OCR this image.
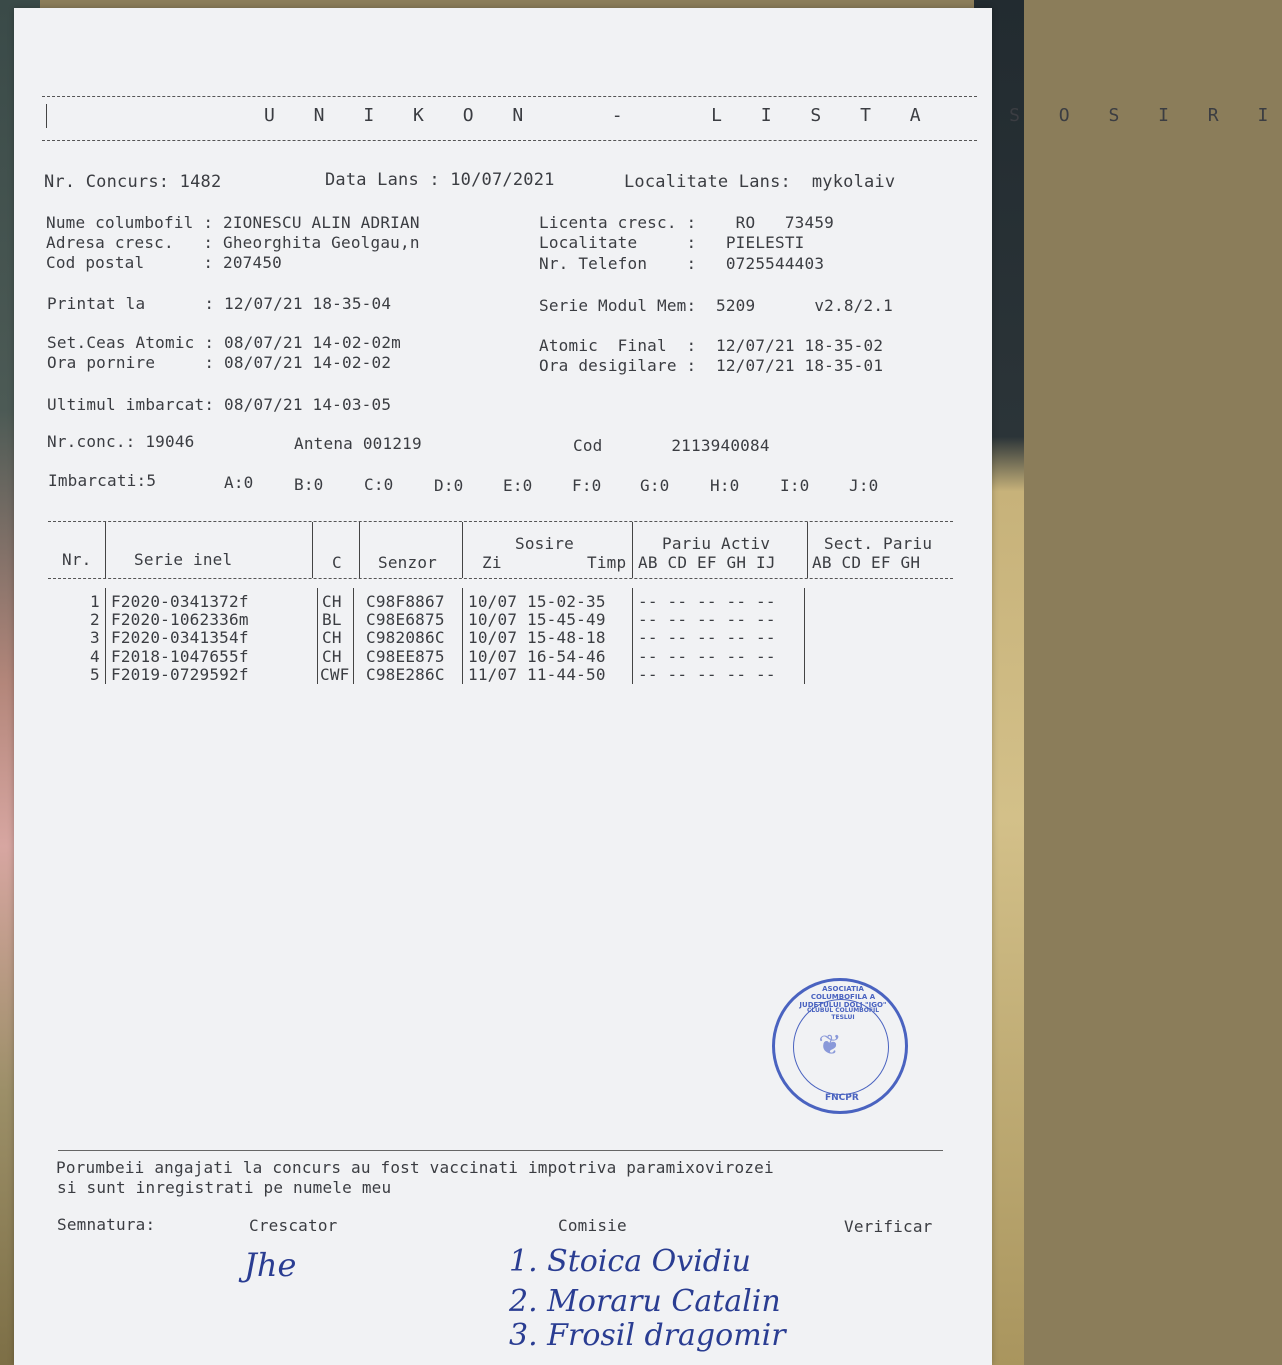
U N I K O N   -   L I S T A   S O S I R I
Nr. Concurs: 1482	Data Lans : 10/07/2021	Localitate Lans:  mykolaiv
Nume columbofil : 2IONESCU ALIN ADRIAN
Adresa cresc.   : Gheorghita Geolgau,n
Cod postal      : 207450
Licenta cresc. :    RO   73459
Localitate     :   PIELESTI
Nr. Telefon    :   0725544403
Printat la      : 12/07/21 18-35-04	Serie Modul Mem:  5209      v2.8/2.1
Set.Ceas Atomic : 08/07/21 14-02-02m
Ora pornire     : 08/07/21 14-02-02
Atomic  Final  :  12/07/21 18-35-02
Ora desigilare :  12/07/21 18-35-01
Ultimul imbarcat: 08/07/21 14-03-05
Nr.conc.: 19046	Antena 001219	Cod       2113940084
Imbarcati:5	A:0	B:0	C:0	D:0 E:0 F:0 G:0	H:0	I:0 J:0
Nr.	Serie inel	C Senzor
Sosire
Zi	Timp
Pariu Activ
AB CD EF GH IJ
Sect. Pariu
AB CD EF GH
1 F2020-0341372f	CH C98F8867 10/07 15-02-35 -- -- -- -- --
2 F2020-1062336m	BL C98E6875 10/07 15-45-49 -- -- -- -- --
3 F2020-0341354f	CH C982086C 10/07 15-48-18 -- -- -- -- --
4 F2018-1047655f	CH C98EE875 10/07 16-54-46 -- -- -- -- --
5 F2019-0729592f	CWF C98E286C 11/07 11-44-50 -- -- -- -- --
❦
ASOCIATIA COLUMBOFILA A JUDETULUI DOLJ "IGO"
CLUBUL COLUMBOFIL TESLUI
FNCPR
Porumbeii angajati la concurs au fost vaccinati impotriva paramixovirozei
si sunt inregistrati pe numele meu
Semnatura:	Crescator	Comisie	Verificar
Jhe	1. Stoica Ovidiu
2. Moraru Catalin
3. Frosil dragomir
